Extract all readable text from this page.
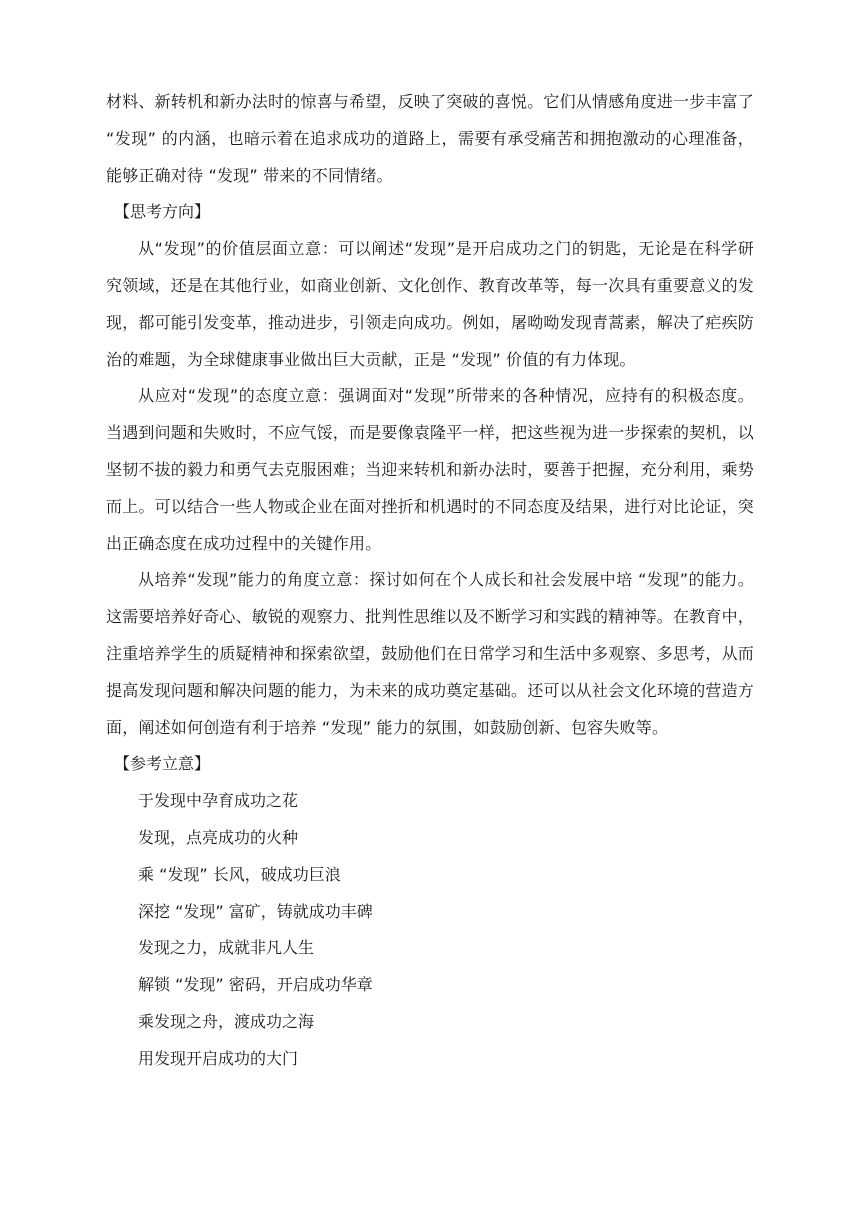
材料、新转机和新办法时的惊喜与希望，反映了突破的喜悦。它们从情感角度进一步丰富了 “发现” 的内涵，也暗示着在追求成功的道路上，需要有承受痛苦和拥抱激动的心理准备，能够正确对待 “发现” 带来的不同情绪。

【思考方向】

从“发现”的价值层面立意：可以阐述“发现”是开启成功之门的钥匙，无论是在科学研究领域，还是在其他行业，如商业创新、文化创作、教育改革等，每一次具有重要意义的发现，都可能引发变革，推动进步，引领走向成功。例如，屠呦呦发现青蒿素，解决了疟疾防治的难题，为全球健康事业做出巨大贡献，正是 “发现” 价值的有力体现。

从应对“发现”的态度立意：强调面对“发现”所带来的各种情况，应持有的积极态度。当遇到问题和失败时，不应气馁，而是要像袁隆平一样，把这些视为进一步探索的契机，以坚韧不拔的毅力和勇气去克服困难；当迎来转机和新办法时，要善于把握，充分利用，乘势而上。可以结合一些人物或企业在面对挫折和机遇时的不同态度及结果，进行对比论证，突出正确态度在成功过程中的关键作用。

从培养“发现”能力的角度立意：探讨如何在个人成长和社会发展中培 “发现”的能力。这需要培养好奇心、敏锐的观察力、批判性思维以及不断学习和实践的精神等。在教育中，注重培养学生的质疑精神和探索欲望，鼓励他们在日常学习和生活中多观察、多思考，从而提高发现问题和解决问题的能力，为未来的成功奠定基础。还可以从社会文化环境的营造方面，阐述如何创造有利于培养 “发现” 能力的氛围，如鼓励创新、包容失败等。

【参考立意】

于发现中孕育成功之花

发现，点亮成功的火种

乘 “发现” 长风，破成功巨浪

深挖 “发现” 富矿，铸就成功丰碑

发现之力，成就非凡人生

解锁 “发现” 密码，开启成功华章

乘发现之舟，渡成功之海

用发现开启成功的大门
